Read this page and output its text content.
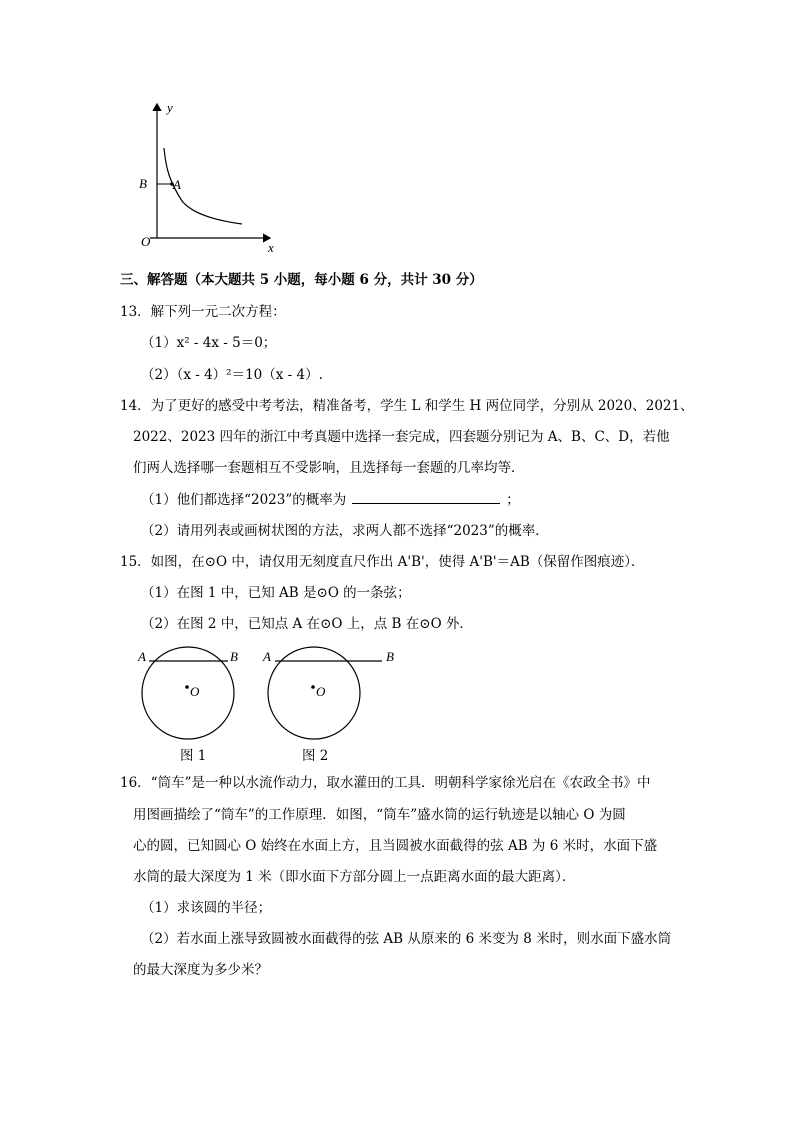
y
x
O
B A
三、解答题（本大题共 5 小题，每小题 6 分，共计 30 分）
13．解下列一元二次方程：
（1）x² - 4x - 5＝0；
（2）（x - 4）²＝10（x - 4）.
14．为了更好的感受中考考法，精准备考，学生 L 和学生 H 两位同学，分别从 2020、2021、
2022、2023 四年的浙江中考真题中选择一套完成，四套题分别记为 A、B、C、D，若他
们两人选择哪一套题相互不受影响，且选择每一套题的几率均等．
（1）他们都选择“2023”的概率为	；
（2）请用列表或画树状图的方法，求两人都不选择“2023”的概率．
15．如图，在⊙O 中，请仅用无刻度直尺作出 A'B'，使得 A'B'＝AB（保留作图痕迹）．
（1）在图 1 中，已知 AB 是⊙O 的一条弦；
（2）在图 2 中，已知点 A 在⊙O 上，点 B 在⊙O 外．
A	B
O
图 1
A	B
O
图 2
16．“筒车”是一种以水流作动力，取水灌田的工具．明朝科学家徐光启在《农政全书》中
用图画描绘了“筒车”的工作原理．如图，“筒车”盛水筒的运行轨迹是以轴心 O 为圆
心的圆，已知圆心 O 始终在水面上方，且当圆被水面截得的弦 AB 为 6 米时，水面下盛
水筒的最大深度为 1 米（即水面下方部分圆上一点距离水面的最大距离）．
（1）求该圆的半径；
（2）若水面上涨导致圆被水面截得的弦 AB 从原来的 6 米变为 8 米时，则水面下盛水筒
的最大深度为多少米？
